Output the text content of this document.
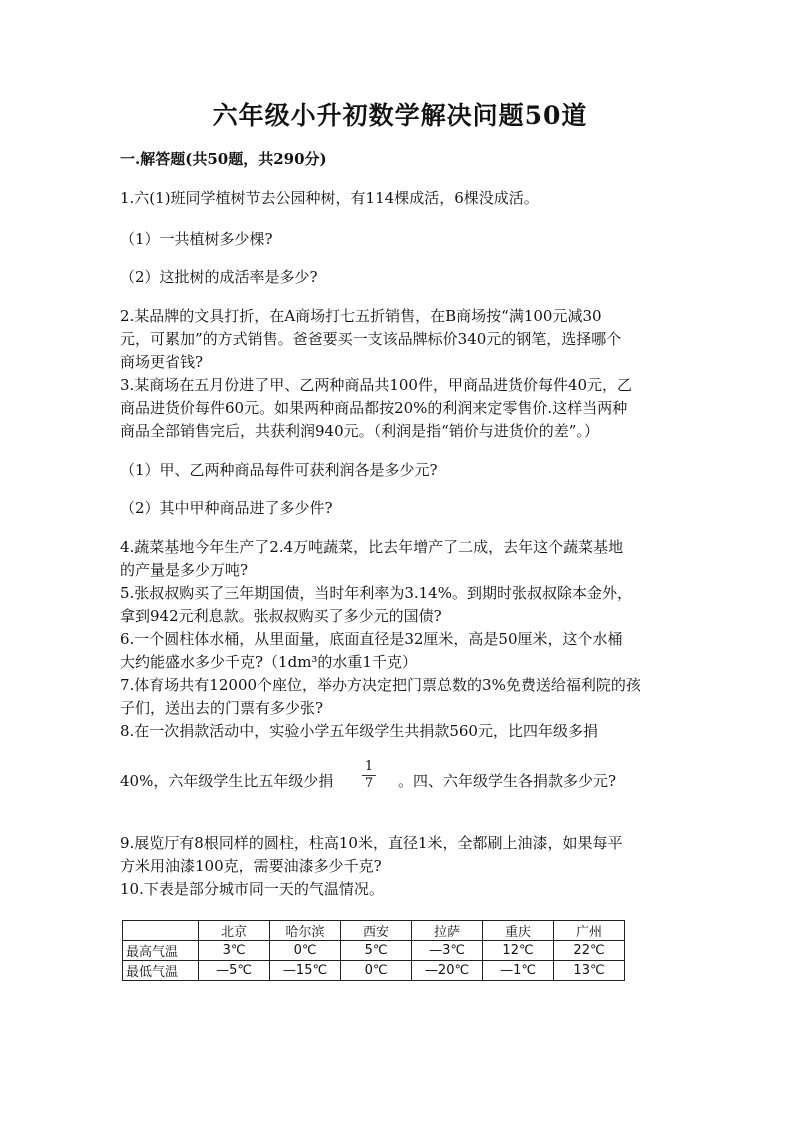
六年级小升初数学解决问题50道
一.解答题(共50题，共290分)
1.六(1)班同学植树节去公园种树，有114棵成活，6棵没成活。
（1）一共植树多少棵?
（2）这批树的成活率是多少?
2.某品牌的文具打折，在A商场打七五折销售，在B商场按“满100元减30
元，可累加”的方式销售。爸爸要买一支该品牌标价340元的钢笔，选择哪个
商场更省钱?
3.某商场在五月份进了甲、乙两种商品共100件，甲商品进货价每件40元，乙
商品进货价每件60元。如果两种商品都按20%的利润来定零售价.这样当两种
商品全部销售完后，共获利润940元。（利润是指“销价与进货价的差”。）
（1）甲、乙两种商品每件可获利润各是多少元?
（2）其中甲种商品进了多少件?
4.蔬菜基地今年生产了2.4万吨蔬菜，比去年增产了二成，去年这个蔬菜基地
的产量是多少万吨?
5.张叔叔购买了三年期国债，当时年利率为3.14%。到期时张叔叔除本金外，
拿到942元利息款。张叔叔购买了多少元的国债?
6.一个圆柱体水桶，从里面量，底面直径是32厘米，高是50厘米，这个水桶
大约能盛水多少千克?（1dm³的水重1千克）
7.体育场共有12000个座位，举办方决定把门票总数的3%免费送给福利院的孩
子们，送出去的门票有多少张?
8.在一次捐款活动中，实验小学五年级学生共捐款560元，比四年级多捐
40%，六年级学生比五年级少捐
1
7 。四、六年级学生各捐款多少元?
9.展览厅有8根同样的圆柱，柱高10米，直径1米，全都刷上油漆，如果每平
方米用油漆100克，需要油漆多少千克?
10.下表是部分城市同一天的气温情况。
	北京	哈尔滨	西安	拉萨	重庆	广州
最高气温	3℃	0℃	5℃	—3℃	12℃	22℃
最低气温	—5℃	—15℃	0℃	—20℃	—1℃	13℃
